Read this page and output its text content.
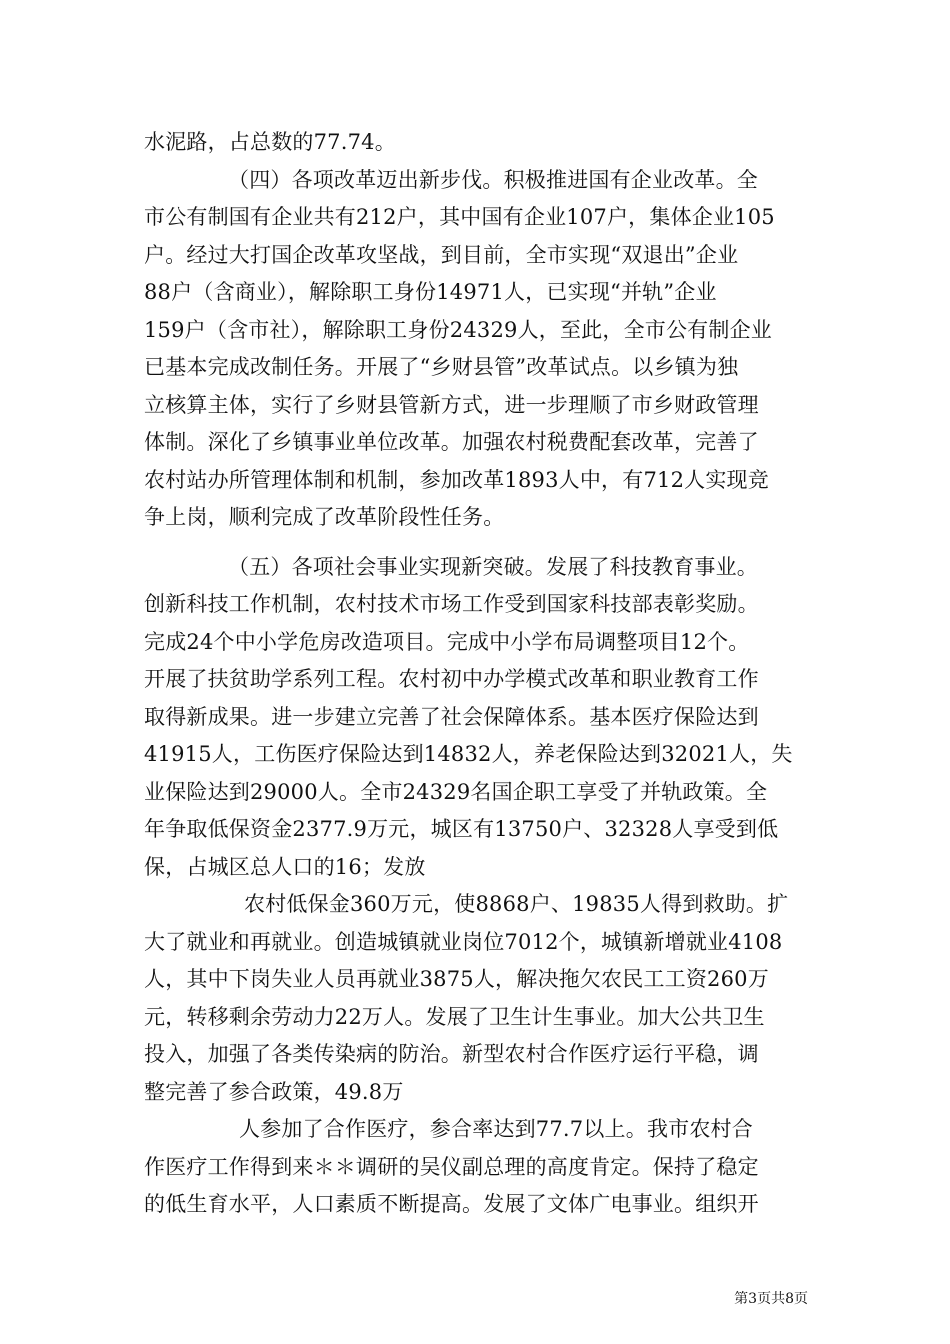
水泥路，占总数的77.74。
（四）各项改革迈出新步伐。积极推进国有企业改革。全
市公有制国有企业共有212户，其中国有企业107户，集体企业105
户。经过大打国企改革攻坚战，到目前，全市实现“双退出”企业
88户（含商业），解除职工身份14971人，已实现“并轨”企业
159户（含市社），解除职工身份24329人，至此，全市公有制企业
已基本完成改制任务。开展了“乡财县管”改革试点。以乡镇为独
立核算主体，实行了乡财县管新方式，进一步理顺了市乡财政管理
体制。深化了乡镇事业单位改革。加强农村税费配套改革，完善了
农村站办所管理体制和机制，参加改革1893人中，有712人实现竞
争上岗，顺利完成了改革阶段性任务。
（五）各项社会事业实现新突破。发展了科技教育事业。
创新科技工作机制，农村技术市场工作受到国家科技部表彰奖励。
完成24个中小学危房改造项目。完成中小学布局调整项目12个。
开展了扶贫助学系列工程。农村初中办学模式改革和职业教育工作
取得新成果。进一步建立完善了社会保障体系。基本医疗保险达到
41915人，工伤医疗保险达到14832人，养老保险达到32021人，失
业保险达到29000人。全市24329名国企职工享受了并轨政策。全
年争取低保资金2377.9万元，城区有13750户、32328人享受到低
保，占城区总人口的16；发放
农村低保金360万元，使8868户、19835人得到救助。扩
大了就业和再就业。创造城镇就业岗位7012个，城镇新增就业4108
人，其中下岗失业人员再就业3875人，解决拖欠农民工工资260万
元，转移剩余劳动力22万人。发展了卫生计生事业。加大公共卫生
投入，加强了各类传染病的防治。新型农村合作医疗运行平稳，调
整完善了参合政策，49.8万
人参加了合作医疗，参合率达到77.7以上。我市农村合
作医疗工作得到来＊＊调研的吴仪副总理的高度肯定。保持了稳定
的低生育水平，人口素质不断提高。发展了文体广电事业。组织开
第3页共8页
